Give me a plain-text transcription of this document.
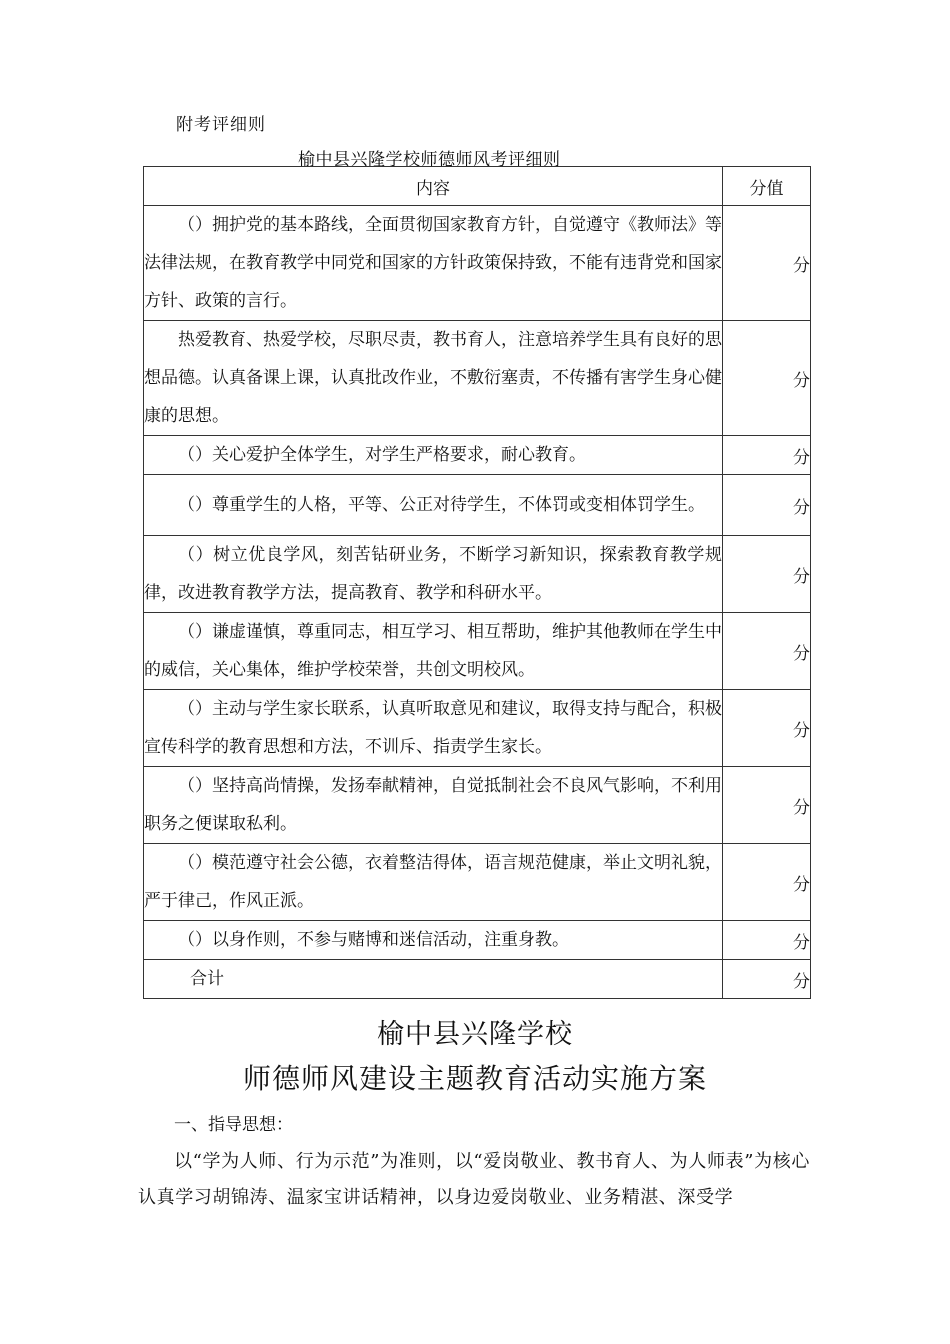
附考评细则
榆中县兴隆学校师德师风考评细则
内容	分值

（）拥护党的基本路线，全面贯彻国家教育方针，自觉遵守《教师法》等法律法规，在教育教学中同党和国家的方针政策保持致，不能有违背党和国家方针、政策的言行。	分

热爱教育、热爱学校，尽职尽责，教书育人，注意培养学生具有良好的思想品德。认真备课上课，认真批改作业，不敷衍塞责，不传播有害学生身心健康的思想。	分

（）关心爱护全体学生，对学生严格要求，耐心教育。	分

（）尊重学生的人格，平等、公正对待学生，不体罚或变相体罚学生。	分

（）树立优良学风，刻苦钻研业务，不断学习新知识，探索教育教学规律，改进教育教学方法，提高教育、教学和科研水平。	分

（）谦虚谨慎，尊重同志，相互学习、相互帮助，维护其他教师在学生中的威信，关心集体，维护学校荣誉，共创文明校风。	分

（）主动与学生家长联系，认真听取意见和建议，取得支持与配合，积极宣传科学的教育思想和方法，不训斥、指责学生家长。	分

（）坚持高尚情操，发扬奉献精神，自觉抵制社会不良风气影响，不利用职务之便谋取私利。	分

（）模范遵守社会公德，衣着整洁得体，语言规范健康，举止文明礼貌，严于律己，作风正派。	分

（）以身作则，不参与赌博和迷信活动，注重身教。	分
合计	分
榆中县兴隆学校
师德师风建设主题教育活动实施方案
一、指导思想：
以“学为人师、行为示范”为准则，以“爱岗敬业、教书育人、为人师表”为核心认真学习胡锦涛、温家宝讲话精神，以身边爱岗敬业、业务精湛、深受学
